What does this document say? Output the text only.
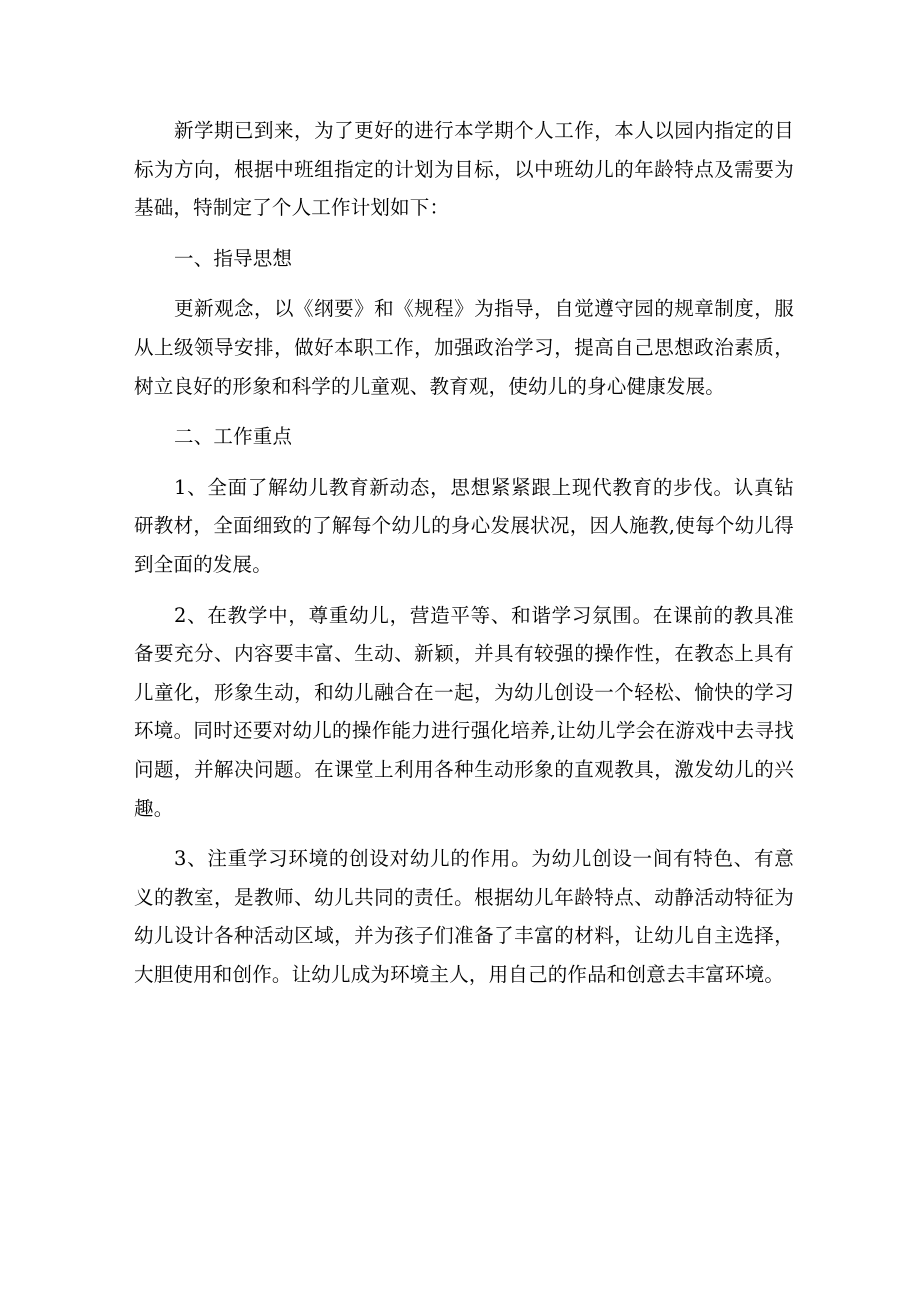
新学期已到来，为了更好的进行本学期个人工作，本人以园内指定的目标为方向，根据中班组指定的计划为目标，以中班幼儿的年龄特点及需要为基础，特制定了个人工作计划如下：

一、指导思想

更新观念，以《纲要》和《规程》为指导，自觉遵守园的规章制度，服从上级领导安排，做好本职工作，加强政治学习，提高自己思想政治素质，树立良好的形象和科学的儿童观、教育观，使幼儿的身心健康发展。

二、工作重点

1、全面了解幼儿教育新动态，思想紧紧跟上现代教育的步伐。认真钻研教材，全面细致的了解每个幼儿的身心发展状况，因人施教,使每个幼儿得到全面的发展。

2、在教学中，尊重幼儿，营造平等、和谐学习氛围。在课前的教具准备要充分、内容要丰富、生动、新颖，并具有较强的操作性，在教态上具有儿童化，形象生动，和幼儿融合在一起，为幼儿创设一个轻松、愉快的学习环境。同时还要对幼儿的操作能力进行强化培养,让幼儿学会在游戏中去寻找问题，并解决问题。在课堂上利用各种生动形象的直观教具，激发幼儿的兴趣。

3、注重学习环境的创设对幼儿的作用。为幼儿创设一间有特色、有意义的教室，是教师、幼儿共同的责任。根据幼儿年龄特点、动静活动特征为幼儿设计各种活动区域，并为孩子们准备了丰富的材料，让幼儿自主选择，大胆使用和创作。让幼儿成为环境主人，用自己的作品和创意去丰富环境。
